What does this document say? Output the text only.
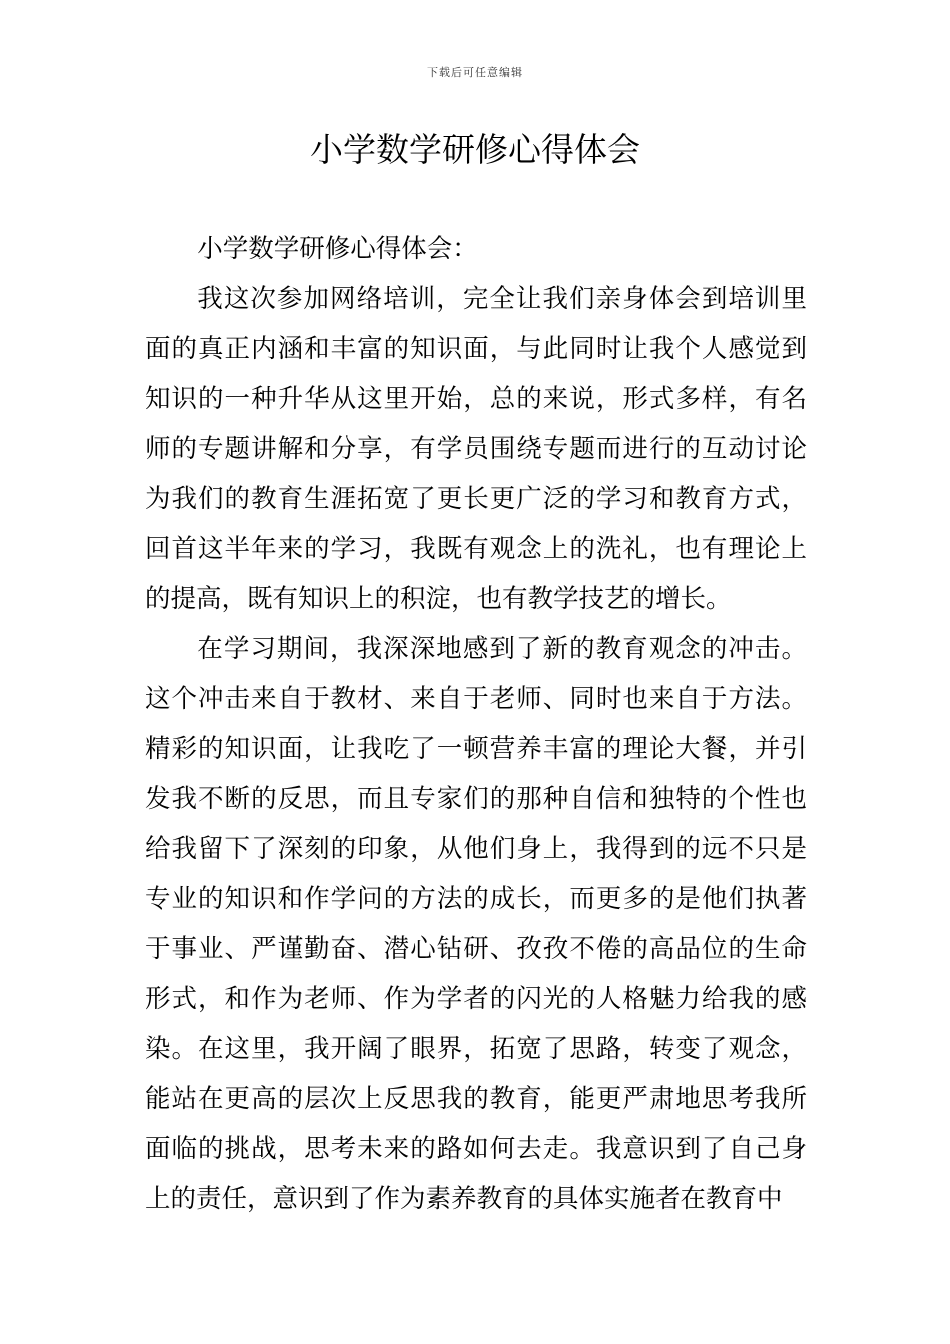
下载后可任意编辑
小学数学研修心得体会

小学数学研修心得体会：

我这次参加网络培训，完全让我们亲身体会到培训里面的真正内涵和丰富的知识面，与此同时让我个人感觉到知识的一种升华从这里开始，总的来说，形式多样，有名师的专题讲解和分享，有学员围绕专题而进行的互动讨论为我们的教育生涯拓宽了更长更广泛的学习和教育方式，回首这半年来的学习，我既有观念上的洗礼，也有理论上的提高，既有知识上的积淀，也有教学技艺的增长。

在学习期间，我深深地感到了新的教育观念的冲击。这个冲击来自于教材、来自于老师、同时也来自于方法。精彩的知识面，让我吃了一顿营养丰富的理论大餐，并引发我不断的反思，而且专家们的那种自信和独特的个性也给我留下了深刻的印象，从他们身上，我得到的远不只是专业的知识和作学问的方法的成长，而更多的是他们执著于事业、严谨勤奋、潜心钻研、孜孜不倦的高品位的生命形式，和作为老师、作为学者的闪光的人格魅力给我的感染。在这里，我开阔了眼界，拓宽了思路，转变了观念，能站在更高的层次上反思我的教育，能更严肃地思考我所面临的挑战，思考未来的路如何去走。我意识到了自己身上的责任，意识到了作为素养教育的具体实施者在教育中
